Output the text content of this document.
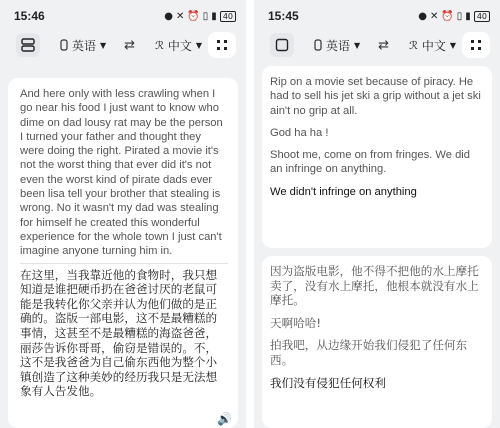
15:46	● ✕ ⏰ ▯ ▮ 40
英语 ▼ ⇄ ℛ 中文 ▼
And here only with less crawling when I go near his food I just want to know who dime on dad lousy rat may be the person I turned your father and thought they were doing the right. Pirated a movie it's not the worst thing that ever did it's not even the worst kind of pirate dads ever been lisa tell your brother that stealing is wrong. No it wasn't my dad was stealing for himself he created this wonderful experience for the whole town I just can't imagine anyone turning him in.
在这里，当我靠近他的食物时，我只想知道是谁把硬币扔在爸爸讨厌的老鼠可能是我转化你父亲并认为他们做的是正确的。盗版一部电影，这不是最糟糕的事情，这甚至不是最糟糕的海盗爸爸，丽莎告诉你哥哥，偷窃是错误的。不，这不是我爸爸为自己偷东西他为整个小镇创造了这种美妙的经历我只是无法想象有人告发他。
🔊
15:45	● ✕ ⏰ ▯ ▮ 40
英语 ▼ ⇄ ℛ 中文 ▼
Rip on a movie set because of piracy. He had to sell his jet ski a grip without a jet ski ain't no grip at all.
God ha ha !
Shoot me, come on from fringes. We did an infringe on anything.
We didn't infringe on anything
因为盗版电影，他不得不把他的水上摩托卖了，没有水上摩托，他根本就没有水上摩托。
天啊哈哈!
拍我吧，从边缘开始我们侵犯了任何东西。
我们没有侵犯任何权利
